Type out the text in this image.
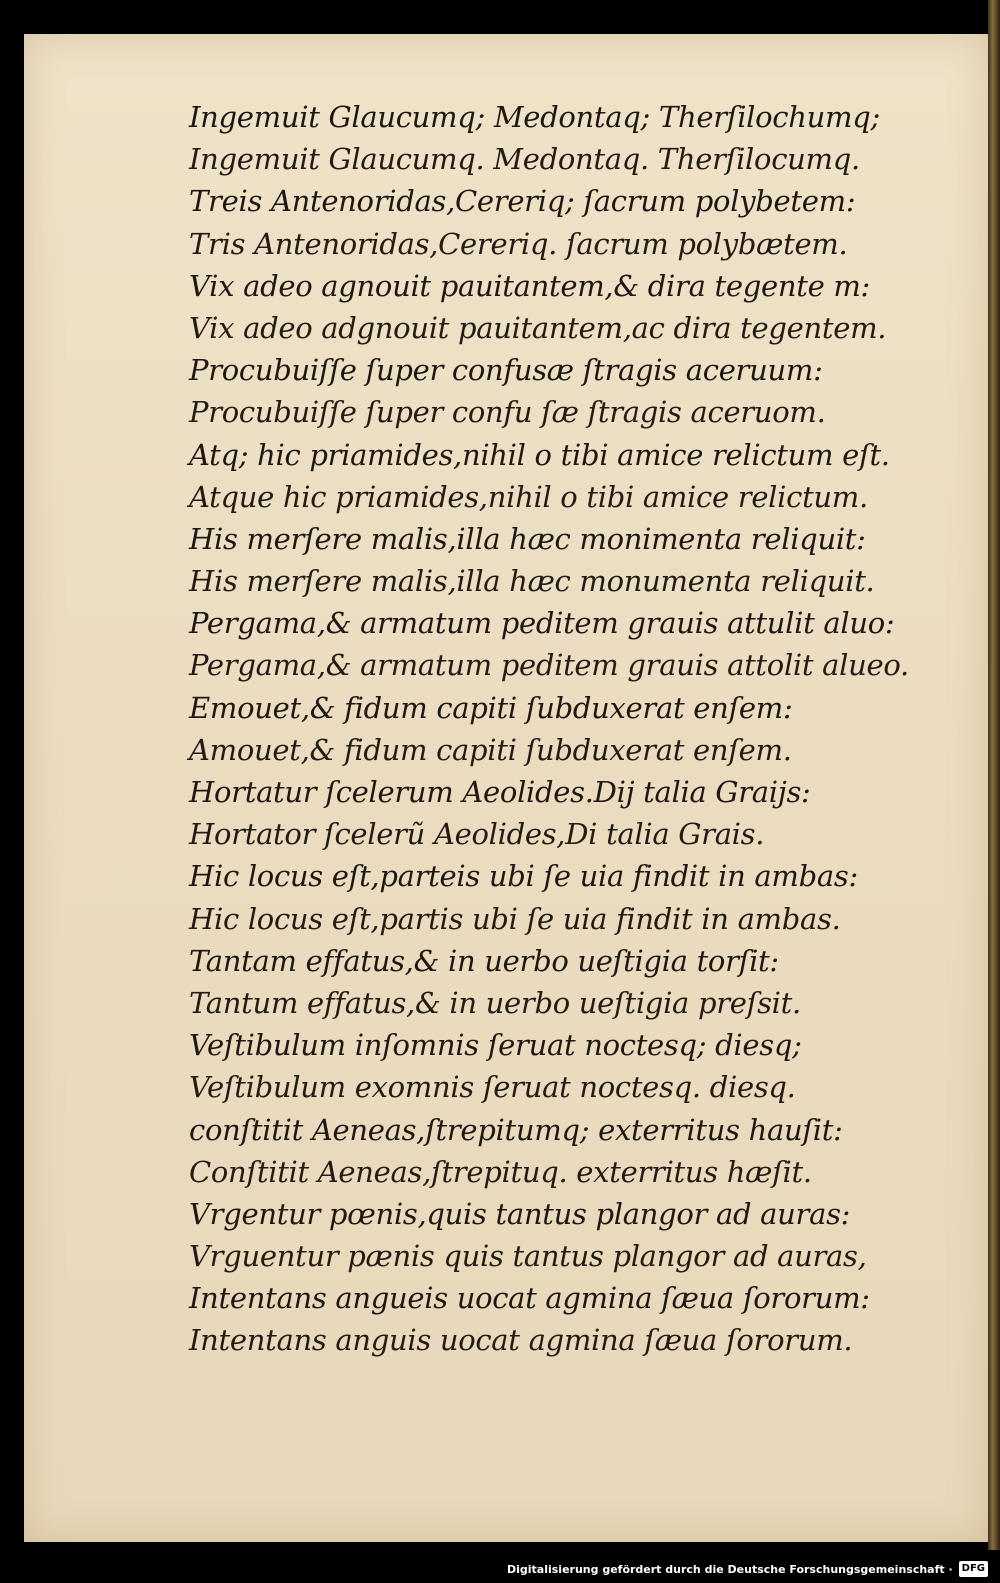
Ingemuit Glaucumq; Medontaq; Therſilochumq;
Ingemuit Glaucumq. Medontaq. Therſilocumq.
Treis Antenoridas,Cereriq; ſacrum polybetem:
Tris Antenoridas,Cereriq. ſacrum polybætem.
Vix adeo agnouit pauitantem,& dira tegente m:
Vix adeo adgnouit pauitantem,ac dira tegentem.
Procubuiſſe ſuper confusæ ſtragis aceruum:
Procubuiſſe ſuper confu ſæ ſtragis aceruom.
Atq; hic priamides,nihil o tibi amice relictum eſt.
Atque hic priamides,nihil o tibi amice relictum.
His merſere malis,illa hæc monimenta reliquit:
His merſere malis,illa hæc monumenta reliquit.
Pergama,& armatum peditem grauis attulit aluo:
Pergama,& armatum peditem grauis attolit alueo.
Emouet,& fidum capiti ſubduxerat enſem:
Amouet,& fidum capiti ſubduxerat enſem.
Hortatur ſcelerum Aeolides.Dij talia Graijs:
Hortator ſcelerũ Aeolides,Di talia Grais.
Hic locus eſt,parteis ubi ſe uia findit in ambas:
Hic locus eſt,partis ubi ſe uia findit in ambas.
Tantam effatus,& in uerbo ueſtigia torſit:
Tantum effatus,& in uerbo ueſtigia preſsit.
Veſtibulum inſomnis ſeruat noctesq; diesq;
Veſtibulum exomnis ſeruat noctesq. diesq.
conſtitit Aeneas,ſtrepitumq; exterritus hauſit:
Conſtitit Aeneas,ſtrepituq. exterritus hæſit.
Vrgentur pœnis,quis tantus plangor ad auras:
Vrguentur pænis quis tantus plangor ad auras,
Intentans angueis uocat agmina ſæua ſororum:
Intentans anguis uocat agmina ſæua ſororum.
Digitalisierung gefördert durch die Deutsche Forschungsgemeinschaft · DFG
